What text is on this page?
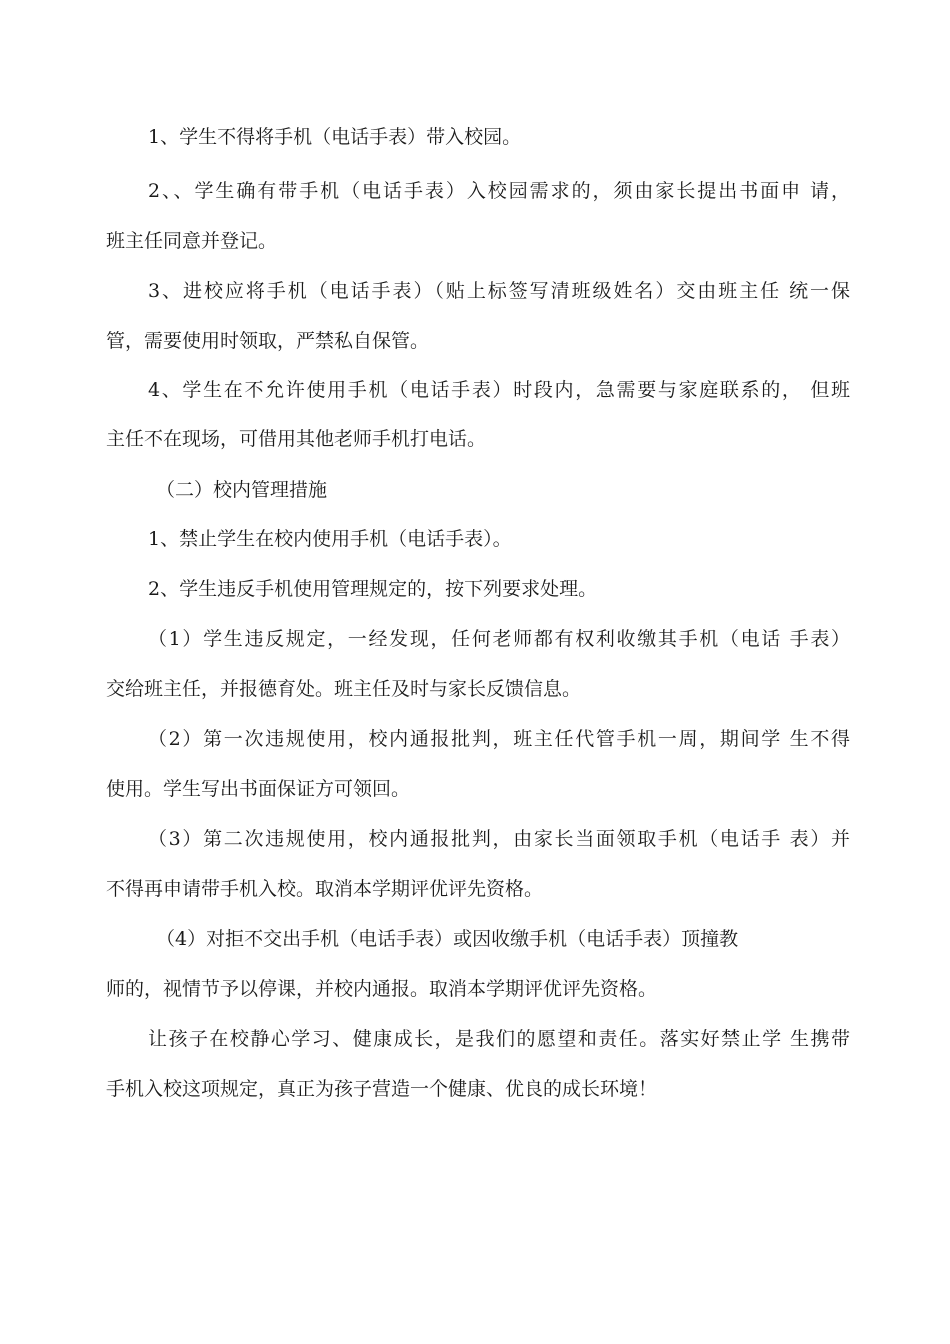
1、学生不得将手机（电话手表）带入校园。
2、、学生确有带手机（电话手表）入校园需求的，须由家长提出书面申 请，
班主任同意并登记。
3、进校应将手机（电话手表）（贴上标签写清班级姓名）交由班主任 统一保
管，需要使用时领取，严禁私自保管。
4、学生在不允许使用手机（电话手表）时段内，急需要与家庭联系的， 但班
主任不在现场，可借用其他老师手机打电话。
（二）校内管理措施
1、禁止学生在校内使用手机（电话手表）。
2、学生违反手机使用管理规定的，按下列要求处理。
（1）学生违反规定，一经发现，任何老师都有权利收缴其手机（电话 手表）
交给班主任，并报德育处。班主任及时与家长反馈信息。
（2）第一次违规使用，校内通报批判，班主任代管手机一周，期间学 生不得
使用。学生写出书面保证方可领回。
（3）第二次违规使用，校内通报批判，由家长当面领取手机（电话手 表）并
不得再申请带手机入校。取消本学期评优评先资格。
（4）对拒不交出手机（电话手表）或因收缴手机（电话手表）顶撞教
师的，视情节予以停课，并校内通报。取消本学期评优评先资格。
让孩子在校静心学习、健康成长，是我们的愿望和责任。落实好禁止学 生携带
手机入校这项规定，真正为孩子营造一个健康、优良的成长环境！
